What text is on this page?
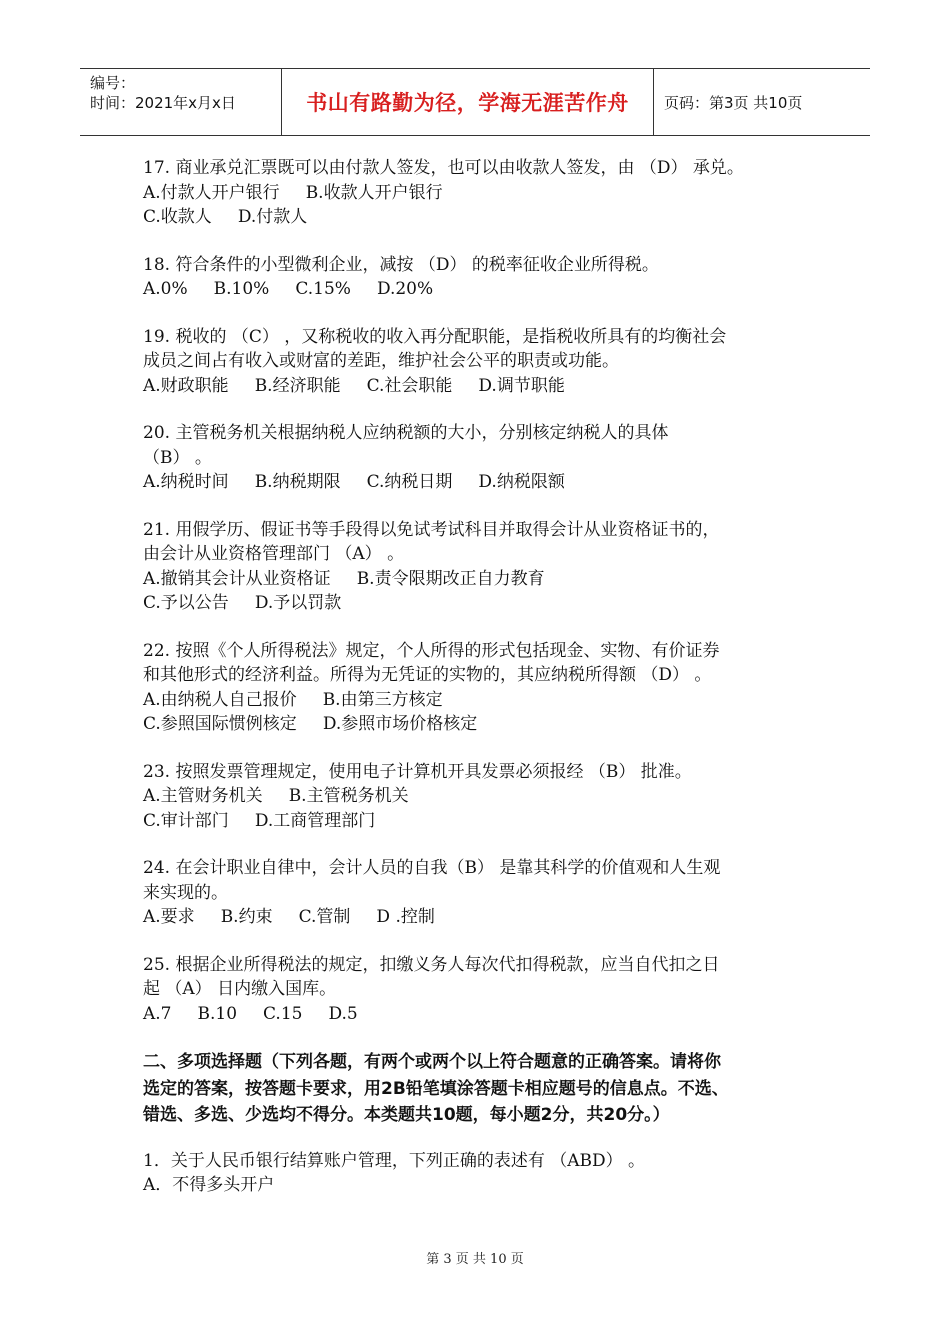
编号：
时间：2021年x月x日	书山有路勤为径，学海无涯苦作舟	页码：第3页 共10页
17. 商业承兑汇票既可以由付款人签发，也可以由收款人签发，由 （D） 承兑。
A.付款人开户银行 B.收款人开户银行
C.收款人 D.付款人
18. 符合条件的小型微利企业，减按 （D） 的税率征收企业所得税。
A.0% B.10% C.15% D.20%
19. 税收的 （C） ，又称税收的收入再分配职能，是指税收所具有的均衡社会
成员之间占有收入或财富的差距，维护社会公平的职责或功能。
A.财政职能 B.经济职能 C.社会职能 D.调节职能
20. 主管税务机关根据纳税人应纳税额的大小，分别核定纳税人的具体
（B） 。
A.纳税时间 B.纳税期限 C.纳税日期 D.纳税限额
21. 用假学历、假证书等手段得以免试考试科目并取得会计从业资格证书的，
由会计从业资格管理部门 （A） 。
A.撤销其会计从业资格证 B.责令限期改正自力教育
C.予以公告 D.予以罚款
22. 按照《个人所得税法》规定，个人所得的形式包括现金、实物、有价证券
和其他形式的经济利益。所得为无凭证的实物的，其应纳税所得额 （D） 。
A.由纳税人自己报价 B.由第三方核定
C.参照国际惯例核定 D.参照市场价格核定
23. 按照发票管理规定，使用电子计算机开具发票必须报经 （B） 批准。
A.主管财务机关 B.主管税务机关
C.审计部门 D.工商管理部门
24. 在会计职业自律中，会计人员的自我（B） 是靠其科学的价值观和人生观
来实现的。
A.要求 B.约束 C.管制 D .控制
25. 根据企业所得税法的规定，扣缴义务人每次代扣得税款，应当自代扣之日
起 （A） 日内缴入国库。
A.7 B.10 C.15 D.5
二、多项选择题（下列各题，有两个或两个以上符合题意的正确答案。请将你
选定的答案，按答题卡要求，用2B铅笔填涂答题卡相应题号的信息点。不选、
错选、多选、少选均不得分。本类题共10题，每小题2分，共20分。）
1．关于人民币银行结算账户管理，下列正确的表述有 （ABD） 。
A．不得多头开户
第 3 页 共 10 页
